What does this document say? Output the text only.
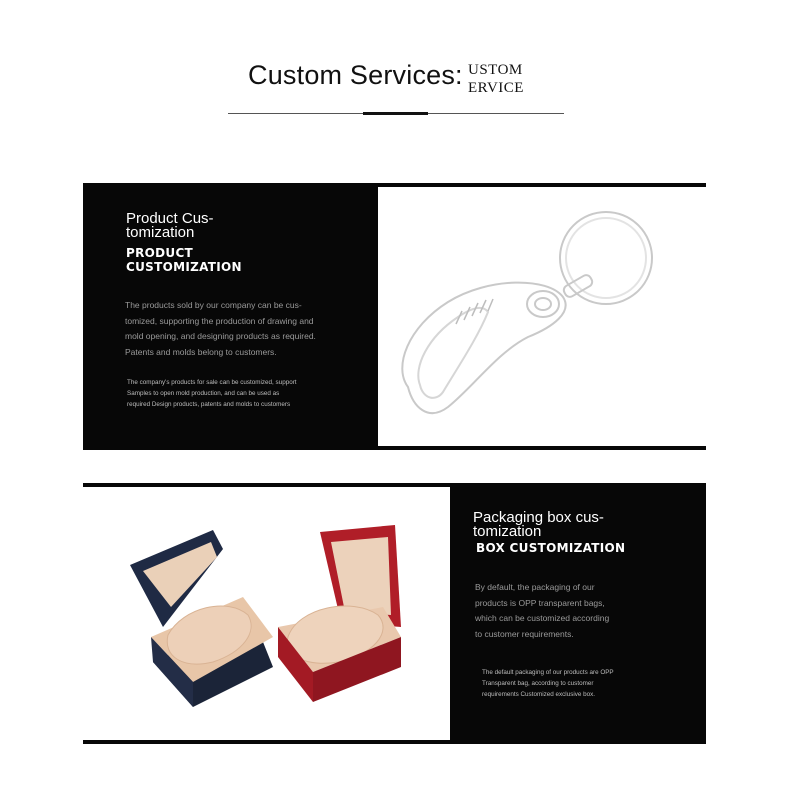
Custom Services: USTOM
ERVICE
Product Cus-
tomization
PRODUCT
CUSTOMIZATION
The products sold by our company can be cus-
tomized, supporting the production of drawing and
mold opening, and designing products as required.
Patents and molds belong to customers.
The company's products for sale can be customized, support
Samples to open mold production, and can be used as
required Design products, patents and molds to customers
Packaging box cus-
tomization
BOX CUSTOMIZATION
By default, the packaging of our
products is OPP transparent bags,
which can be customized according
to customer requirements.
The default packaging of our products are OPP
Transparent bag, according to customer
requirements Customized exclusive box.
